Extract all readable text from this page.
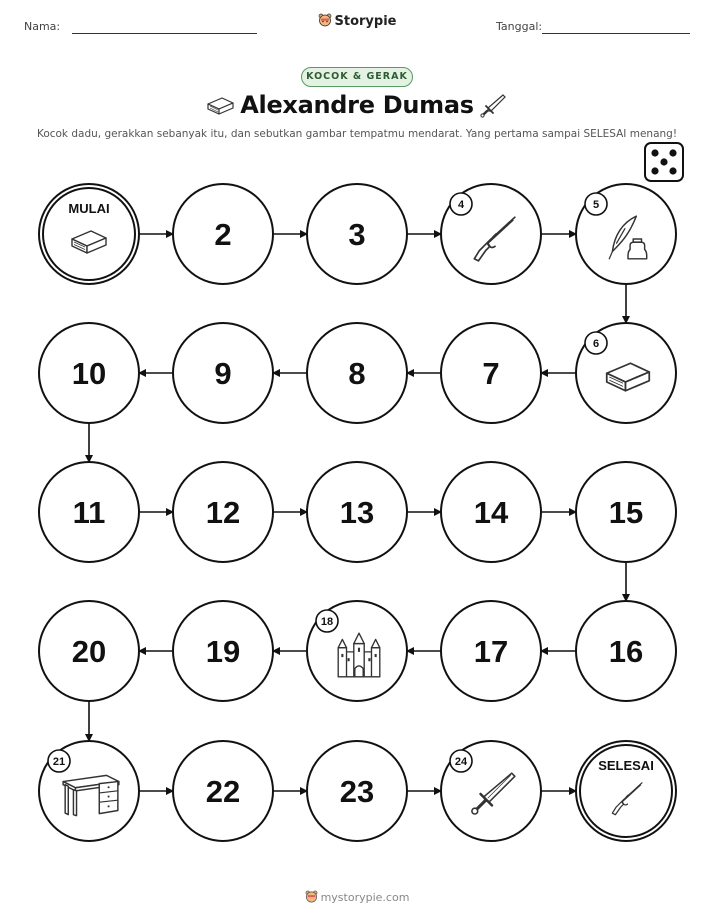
Nama:	Storypie	Tanggal:
KOCOK & GERAK
Alexandre Dumas
Kocok dadu, gerakkan sebanyak itu, dan sebutkan gambar tempatmu mendarat. Yang pertama sampai SELESAI menang!
MULAI
2	3
4	5
6
7
8
9
10
11	12	13	14	15
16
17
18
19
20
21
22	23
24	SELESAI
mystorypie.com
